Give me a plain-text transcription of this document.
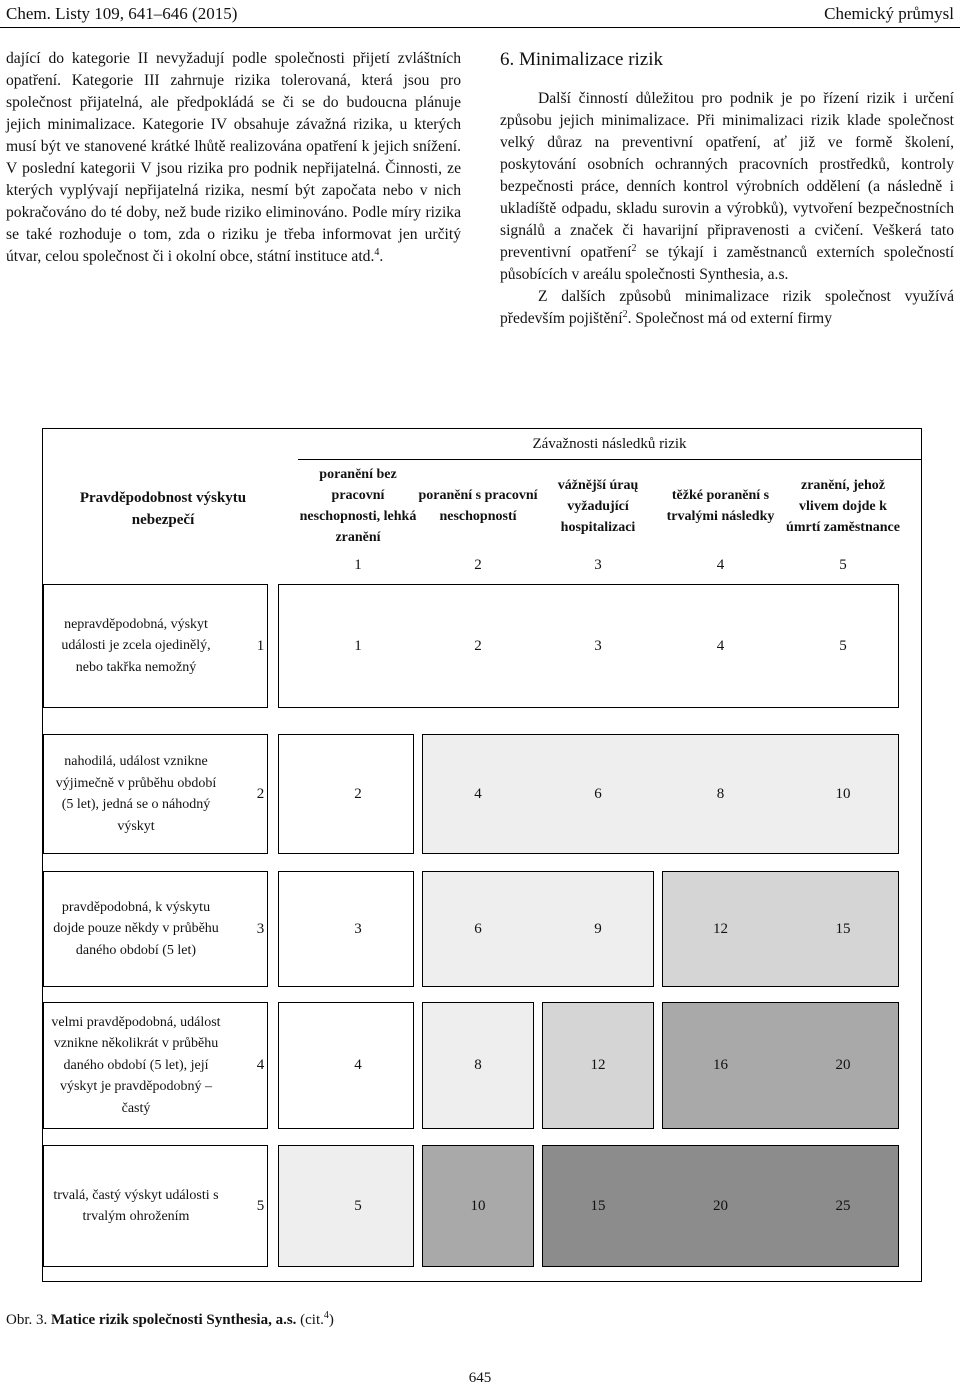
Chem. Listy 109, 641–646 (2015)	Chemický průmysl

dající do kategorie II nevyžadují podle společnosti přijetí zvláštních opatření. Kategorie III zahrnuje rizika tolerovaná, která jsou pro společnost přijatelná, ale předpokládá se či se do budoucna plánuje jejich minimalizace. Kategorie IV obsahuje závažná rizika, u kterých musí být ve stanovené krátké lhůtě realizována opatření k jejich snížení. V poslední kategorii V jsou rizika pro podnik nepřijatelná. Činnosti, ze kterých vyplývají nepřijatelná rizika, nesmí být započata nebo v nich pokračováno do té doby, než bude riziko eliminováno. Podle míry rizika se také rozhoduje o tom, zda o riziku je třeba informovat jen určitý útvar, celou společnost či i okolní obce, státní instituce atd.$^4$.

6. Minimalizace rizik

Další činností důležitou pro podnik je po řízení rizik i určení způsobu jejich minimalizace. Při minimalizaci rizik klade společnost velký důraz na preventivní opatření, ať již ve formě školení, poskytování osobních ochranných pracovních prostředků, kontroly bezpečnosti práce, denních kontrol výrobních oddělení (a následně i ukladíště odpadu, skladu surovin a výrobků), vytvoření bezpečnostních signálů a značek či havarijní připravenosti a cvičení. Veškerá tato preventivní opatření$^2$ se týkají i zaměstnanců externích společností působících v areálu společnosti Synthesia, a.s.

Z dalších způsobů minimalizace rizik společnost využívá především pojištění$^2$. Společnost má od externí firmy

Závažnosti následků rizik
Pravděpodobnost výskytu nebezpečí
poranění bez pracovní neschopnosti, lehká zranění
1
poranění s pracovní neschopností
2
vážnější úraų vyžadující hospitalizaci
3
těžké poranění s trvalými následky
4
zranění, jehož vlivem dojde k úmrtí zaměstnance
5
nepravděpodobná, výskyt události je zcela ojedinělý, nebo takřka nemožný
1	1	2	3	4	5
nahodilá, událost vznikne výjimečně v průběhu období (5 let), jedná se o náhodný výskyt
2	2	4	6	8	10
pravděpodobná, k výskytu dojde pouze někdy v průběhu daného období (5 let)
3	3	6	9	12	15
velmi pravděpodobná, událost vznikne několikrát v průběhu daného období (5 let), její výskyt je pravděpodobný – častý
4	4	8	12	16	20
trvalá, častý výskyt události s trvalým ohrožením
5	5	10	15	20	25
Obr. 3. Matice rizik společnosti Synthesia, a.s. (cit.$^4$)
645
